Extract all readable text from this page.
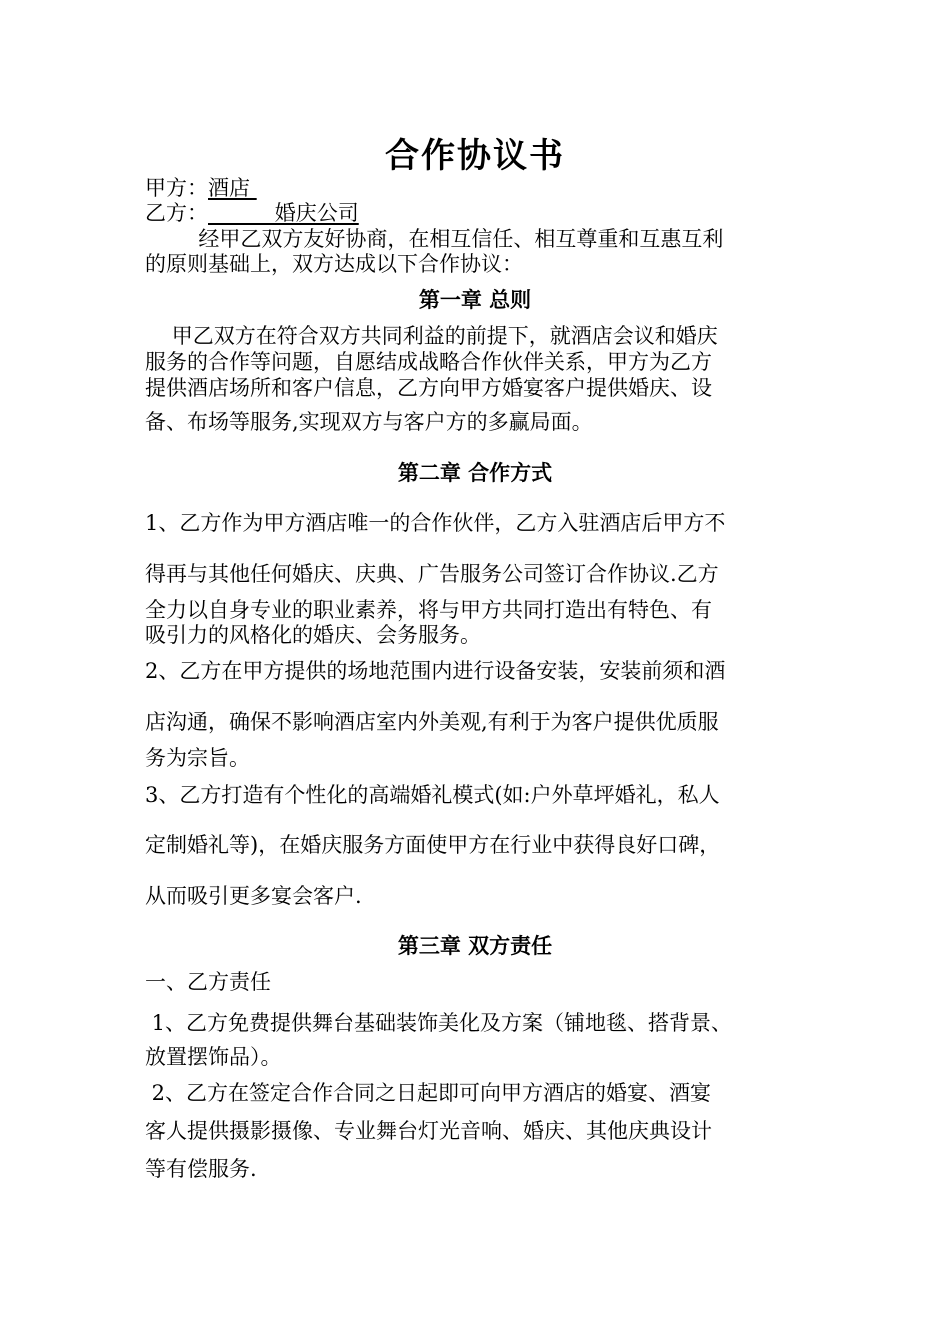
合作协议书
甲方：酒店
乙方：          婚庆公司
经甲乙双方友好协商，在相互信任、相互尊重和互惠互利
的原则基础上，双方达成以下合作协议：
第一章 总则
甲乙双方在符合双方共同利益的前提下，就酒店会议和婚庆
服务的合作等问题，自愿结成战略合作伙伴关系，甲方为乙方
提供酒店场所和客户信息，乙方向甲方婚宴客户提供婚庆、设
备、布场等服务,实现双方与客户方的多赢局面。
第二章 合作方式
1、乙方作为甲方酒店唯一的合作伙伴，乙方入驻酒店后甲方不
得再与其他任何婚庆、庆典、广告服务公司签订合作协议.乙方
全力以自身专业的职业素养，将与甲方共同打造出有特色、有
吸引力的风格化的婚庆、会务服务。
2、乙方在甲方提供的场地范围内进行设备安装，安装前须和酒
店沟通，确保不影响酒店室内外美观,有利于为客户提供优质服
务为宗旨。
3、乙方打造有个性化的高端婚礼模式(如:户外草坪婚礼，私人
定制婚礼等)，在婚庆服务方面使甲方在行业中获得良好口碑，
从而吸引更多宴会客户.
第三章 双方责任
一、乙方责任
1、乙方免费提供舞台基础装饰美化及方案（铺地毯、搭背景、
放置摆饰品）。
2、乙方在签定合作合同之日起即可向甲方酒店的婚宴、酒宴
客人提供摄影摄像、专业舞台灯光音响、婚庆、其他庆典设计
等有偿服务.
